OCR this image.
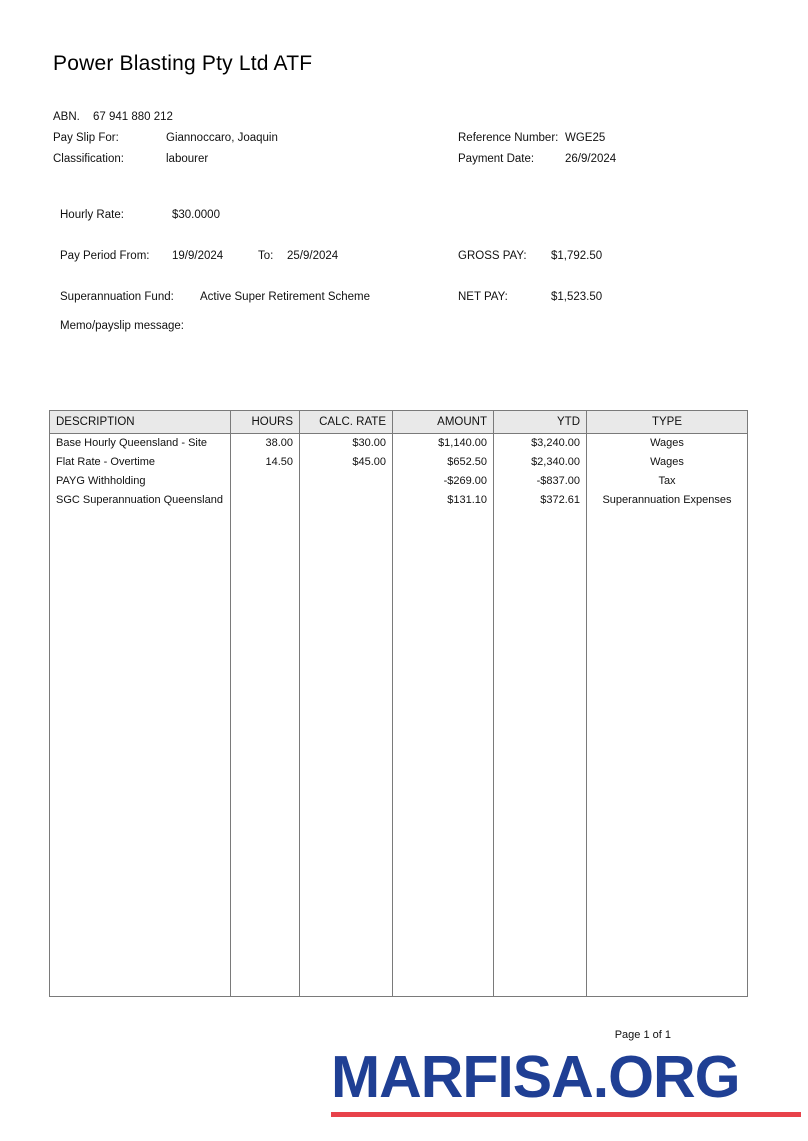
Power Blasting Pty Ltd ATF
ABN. 67 941 880 212
Pay Slip For:	Giannoccaro, Joaquin	Reference Number: WGE25
Classification:	labourer	Payment Date:	26/9/2024
Hourly Rate:	$30.0000
Pay Period From: 19/9/2024	To: 25/9/2024	GROSS PAY: $1,792.50
Superannuation Fund: Active Super Retirement Scheme	NET PAY:	$1,523.50
Memo/payslip message:
DESCRIPTION	HOURS	CALC. RATE	AMOUNT	YTD	TYPE
Base Hourly Queensland - Site	38.00	$30.00	$1,140.00	$3,240.00	Wages
Flat Rate - Overtime	14.50	$45.00	$652.50	$2,340.00	Wages
PAYG Withholding			-$269.00	-$837.00	Tax
SGC Superannuation Queensland			$131.10	$372.61	Superannuation Expenses

Page 1 of 1
MARFISA.ORG
